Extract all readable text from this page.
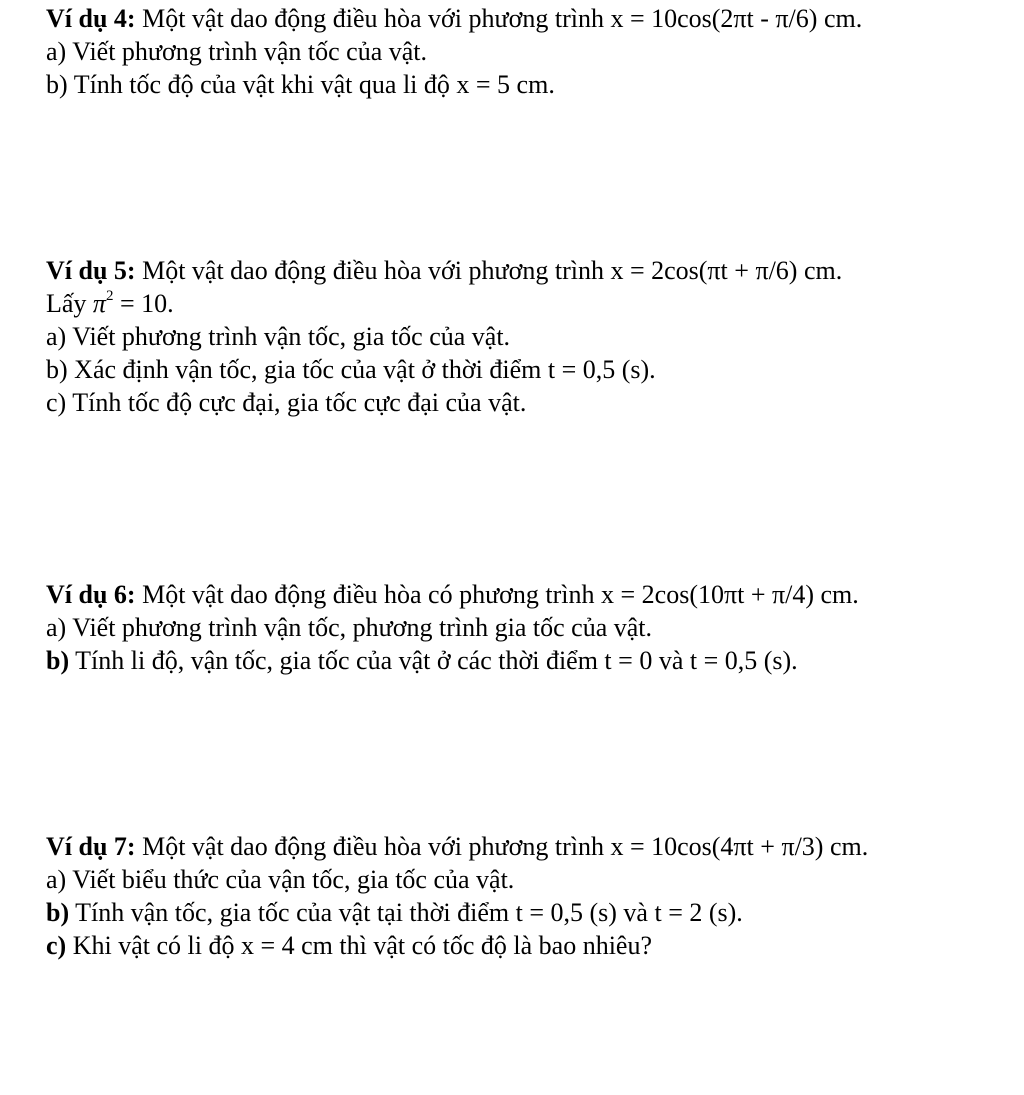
Ví dụ 4: Một vật dao động điều hòa với phương trình x = 10cos(2πt - π/6) cm.
a) Viết phương trình vận tốc của vật.
b) Tính tốc độ của vật khi vật qua li độ x = 5 cm.
Ví dụ 5: Một vật dao động điều hòa với phương trình x = 2cos(πt + π/6) cm.
Lấy $\pi^2 = 10$.
a) Viết phương trình vận tốc, gia tốc của vật.
b) Xác định vận tốc, gia tốc của vật ở thời điểm t = 0,5 (s).
c) Tính tốc độ cực đại, gia tốc cực đại của vật.
Ví dụ 6: Một vật dao động điều hòa có phương trình x = 2cos(10πt + π/4) cm.
a) Viết phương trình vận tốc, phương trình gia tốc của vật.
b) Tính li độ, vận tốc, gia tốc của vật ở các thời điểm t = 0 và t = 0,5 (s).
Ví dụ 7: Một vật dao động điều hòa với phương trình x = 10cos(4πt + π/3) cm.
a) Viết biểu thức của vận tốc, gia tốc của vật.
b) Tính vận tốc, gia tốc của vật tại thời điểm t = 0,5 (s) và t = 2 (s).
c) Khi vật có li độ x = 4 cm thì vật có tốc độ là bao nhiêu?
